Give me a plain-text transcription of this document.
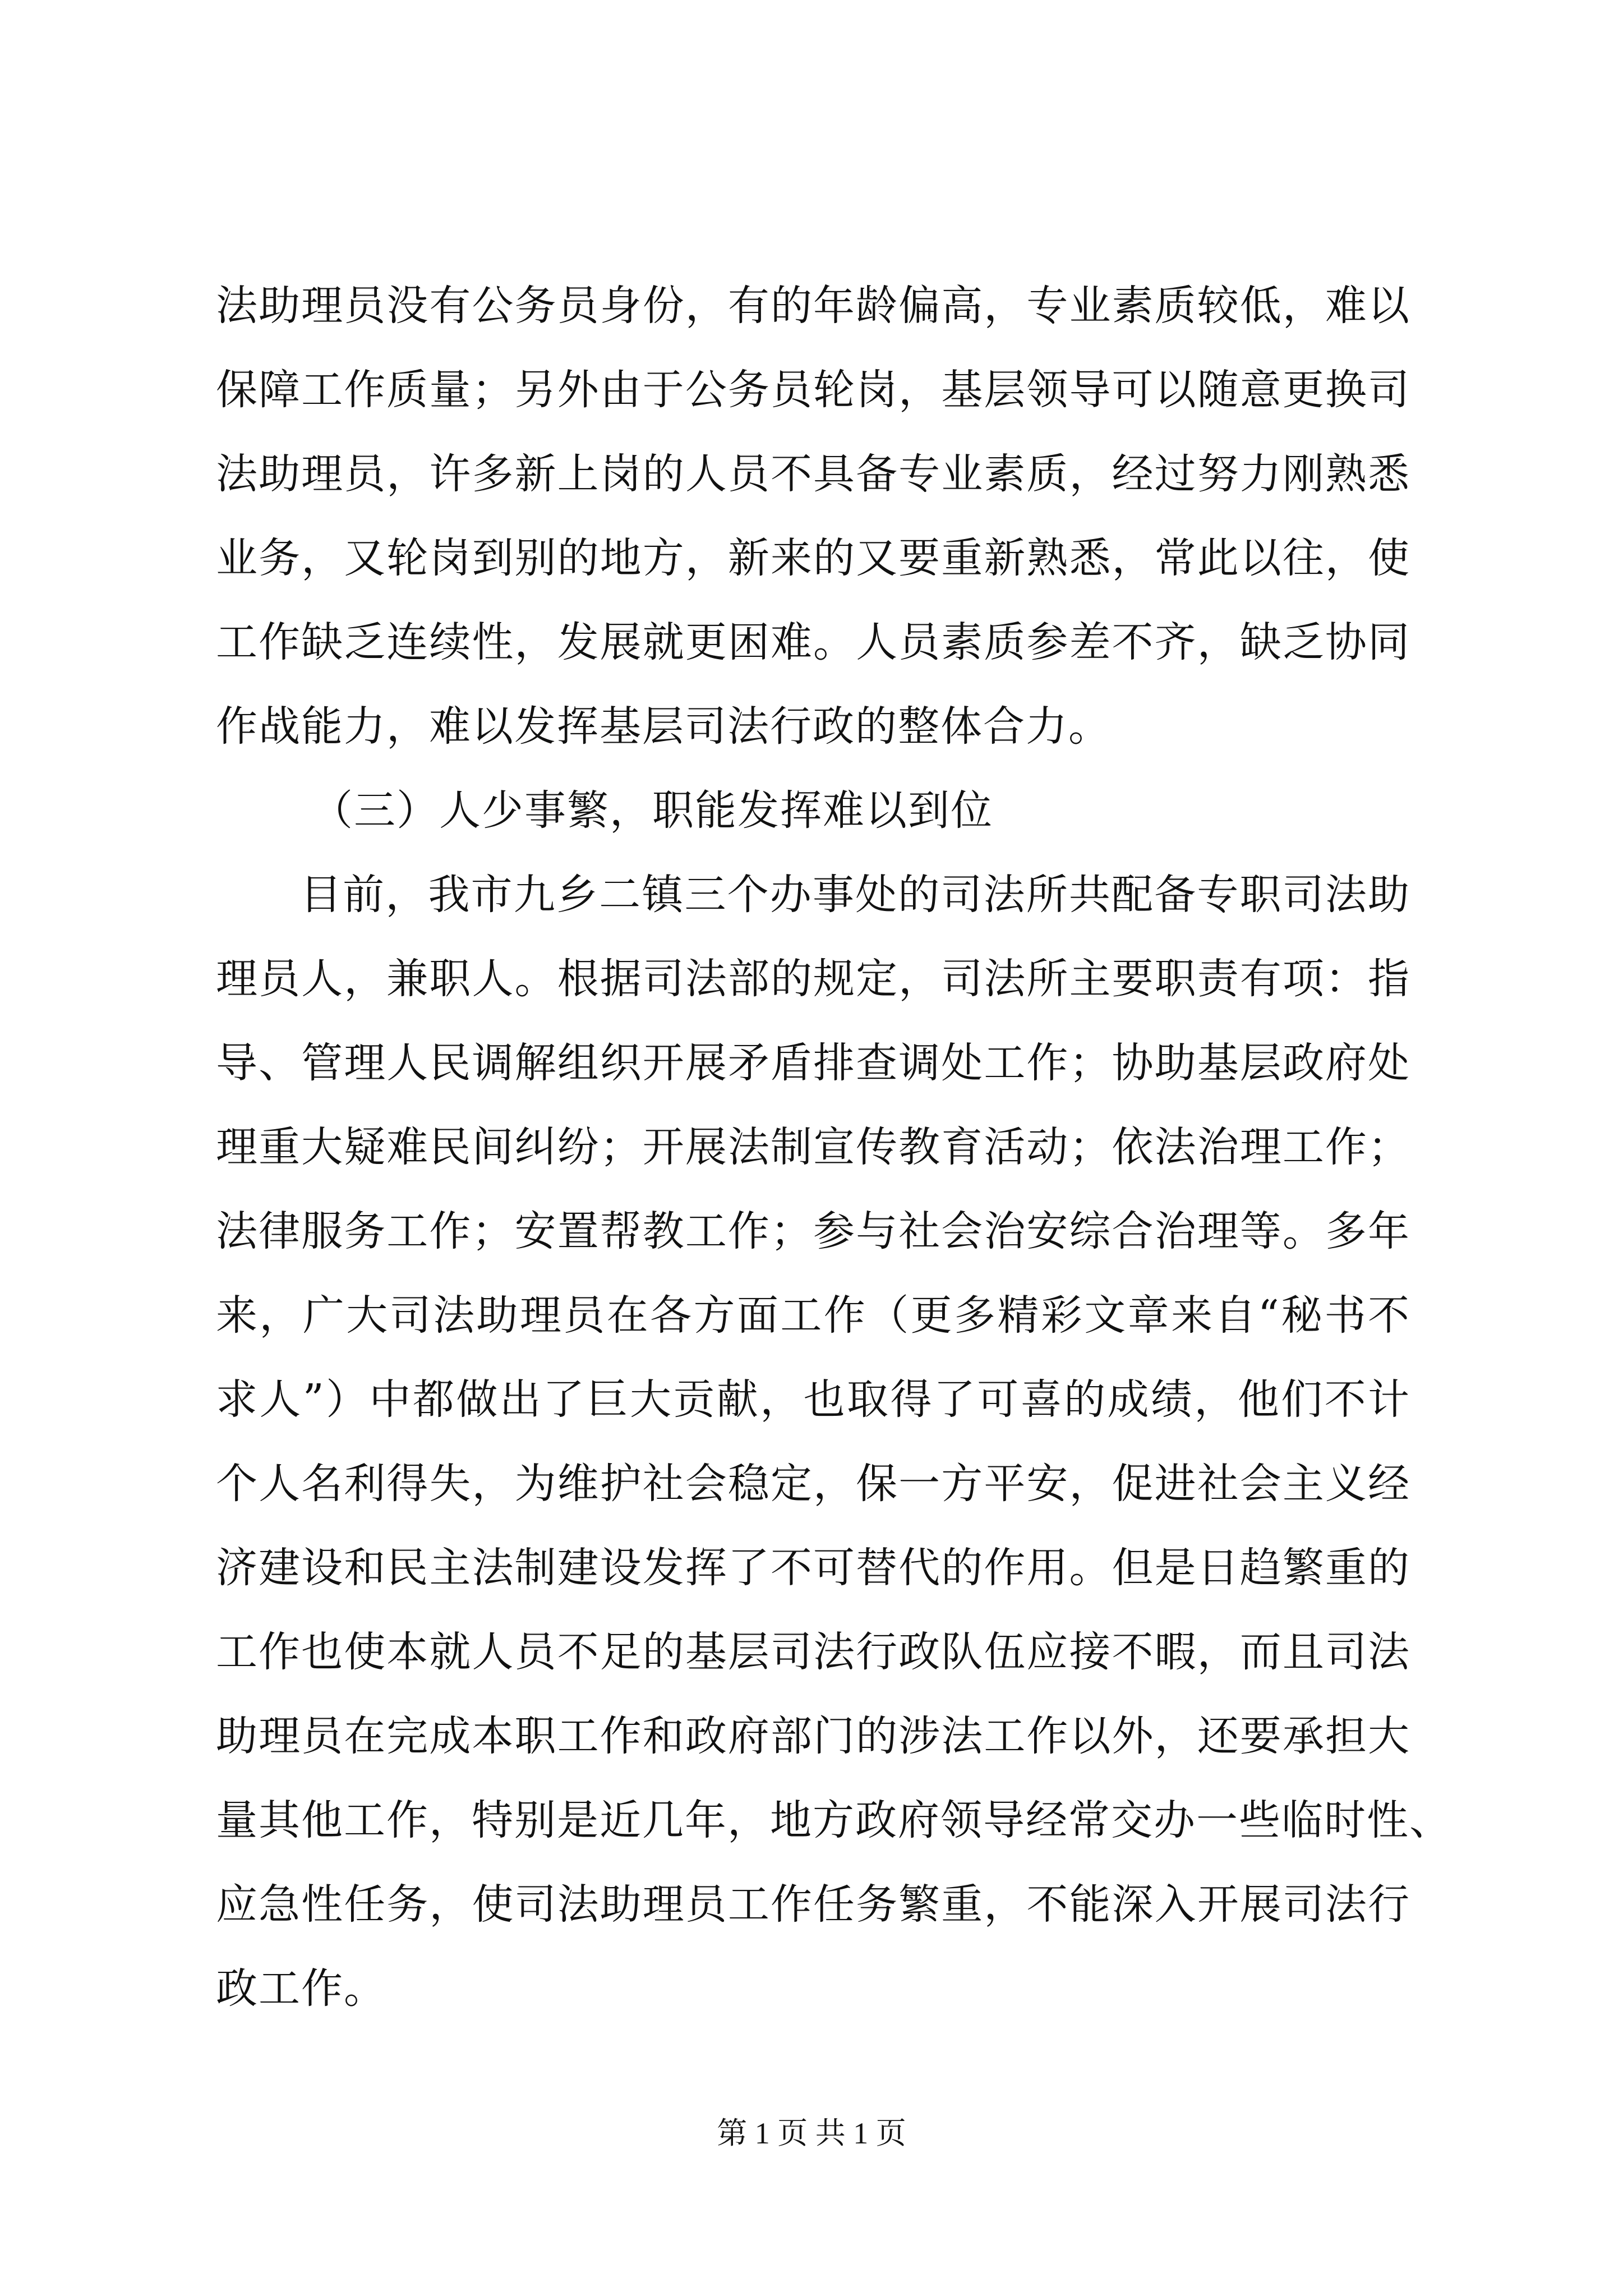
法助理员没有公务员身份，有的年龄偏高，专业素质较低，难以
保障工作质量；另外由于公务员轮岗，基层领导可以随意更换司
法助理员，许多新上岗的人员不具备专业素质，经过努力刚熟悉
业务，又轮岗到别的地方，新来的又要重新熟悉，常此以往，使
工作缺乏连续性，发展就更困难。人员素质参差不齐，缺乏协同
作战能力，难以发挥基层司法行政的整体合力。
（三）人少事繁，职能发挥难以到位
目前，我市九乡二镇三个办事处的司法所共配备专职司法助
理员人，兼职人。根据司法部的规定，司法所主要职责有项：指
导、管理人民调解组织开展矛盾排查调处工作；协助基层政府处
理重大疑难民间纠纷；开展法制宣传教育活动；依法治理工作；
法律服务工作；安置帮教工作；参与社会治安综合治理等。多年
来，广大司法助理员在各方面工作（更多精彩文章来自“秘书不
求人”）中都做出了巨大贡献，也取得了可喜的成绩，他们不计
个人名利得失，为维护社会稳定，保一方平安，促进社会主义经
济建设和民主法制建设发挥了不可替代的作用。但是日趋繁重的
工作也使本就人员不足的基层司法行政队伍应接不暇，而且司法
助理员在完成本职工作和政府部门的涉法工作以外，还要承担大
量其他工作，特别是近几年，地方政府领导经常交办一些临时性、
应急性任务，使司法助理员工作任务繁重，不能深入开展司法行
政工作。
第 1 页 共 1 页
